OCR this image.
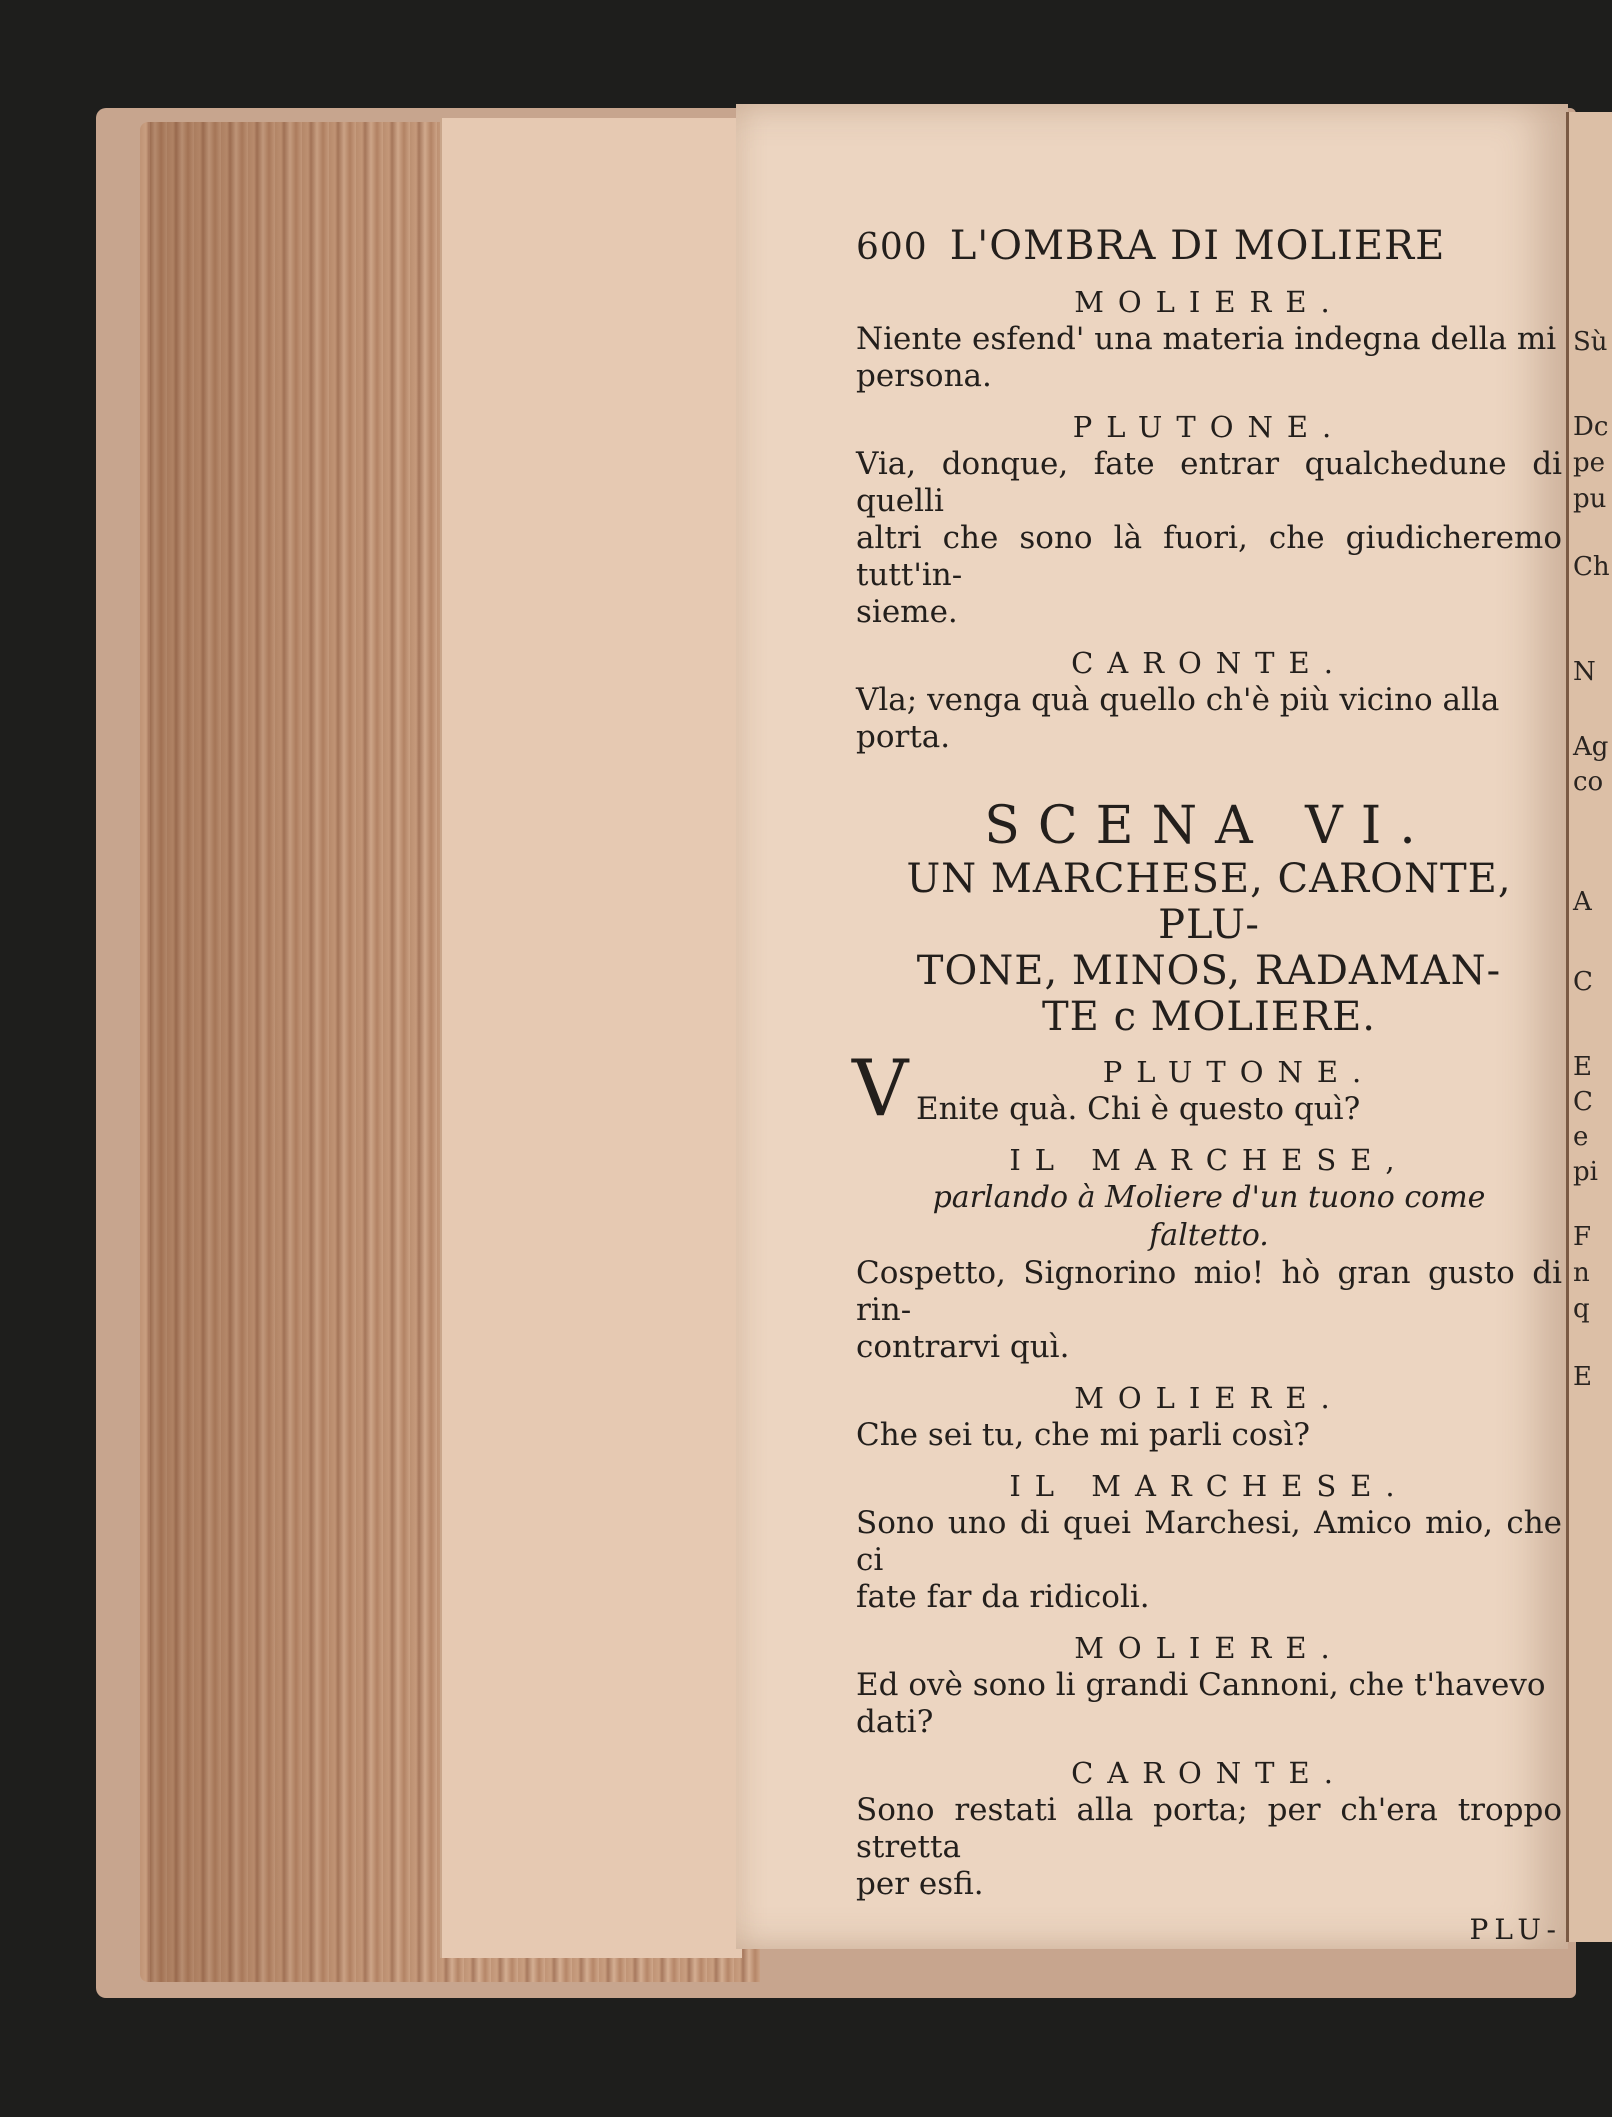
Sù
Dc
pe
pu
Ch
N
Ag
co
A
C
E
C
e
pi
F
n
q
E
600 L'OMBRA DI MOLIERE
MOLIERE.
Niente esfend' una materia indegna della mi
persona.
PLUTONE.
Via, donque, fate entrar qualchedune di quelli
altri che sono là fuori, che giudicheremo tutt'in-
sieme.
CARONTE.
Vla; venga quà quello ch'è più vicino alla porta.
SCENA VI.
UN MARCHESE, CARONTE, PLU-
TONE, MINOS, RADAMAN-
TE c MOLIERE.
V	PLUTONE.
Enite quà. Chi è questo quì?
IL MARCHESE,
parlando à Moliere d'un tuono come
faltetto.
Cospetto, Signorino mio! hò gran gusto di rin-
contrarvi quì.
MOLIERE.
Che sei tu, che mi parli così?
IL MARCHESE.
Sono uno di quei Marchesi, Amico mio, che ci
fate far da ridicoli.
MOLIERE.
Ed ovè sono li grandi Cannoni, che t'havevo
dati?
CARONTE.
Sono restati alla porta; per ch'era troppo stretta
per esfi.
PLU-
